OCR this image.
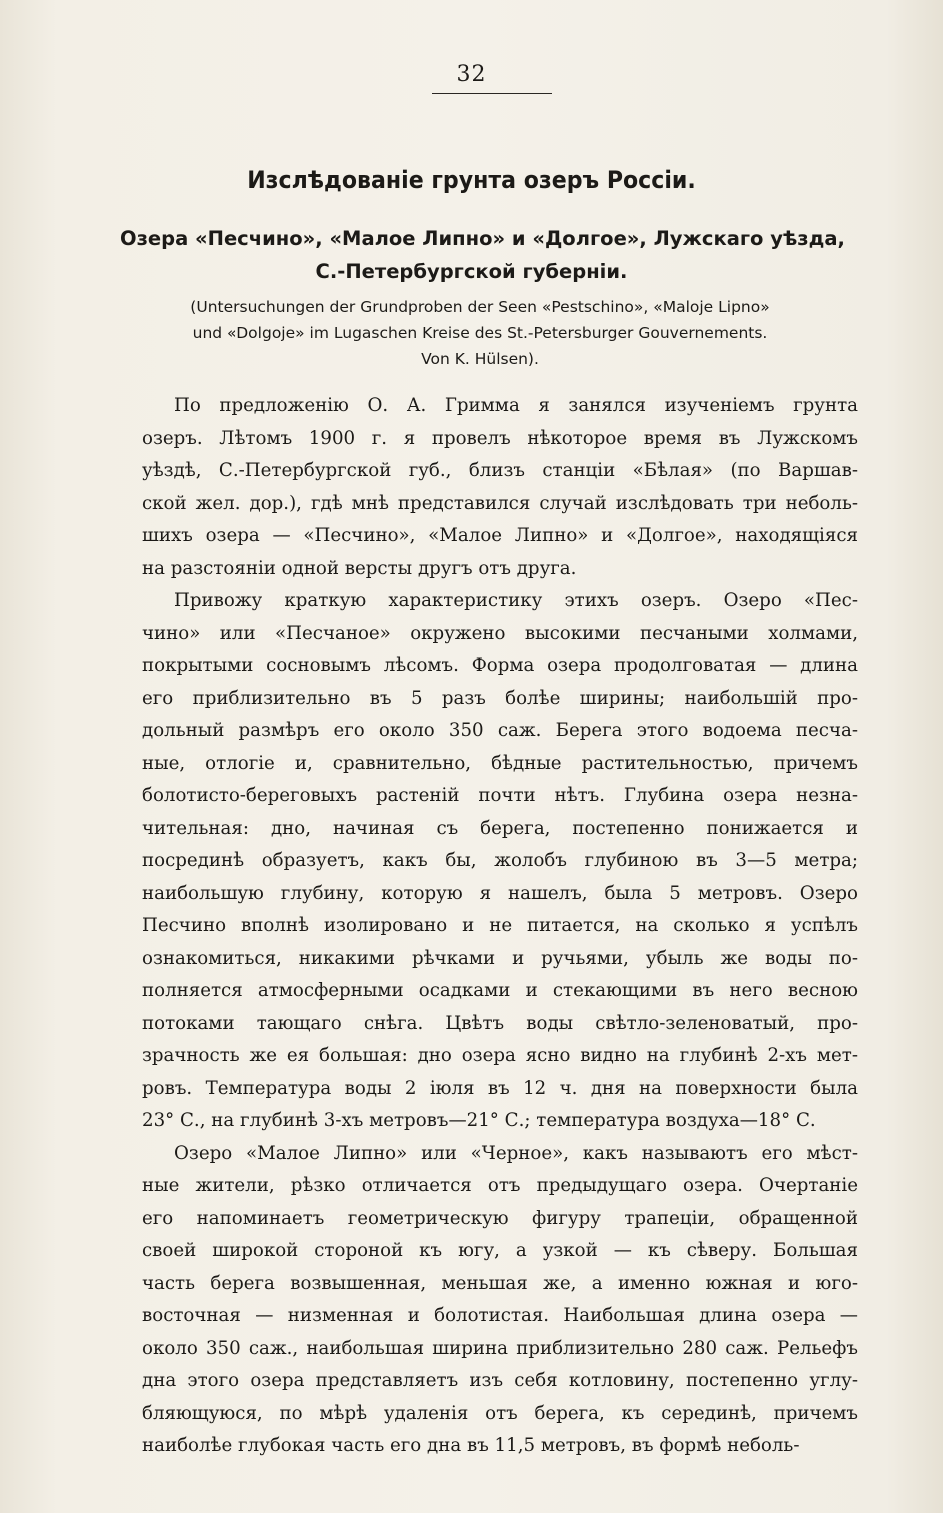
32
Изслѣдованіе грунта озеръ Россіи.
Озера «Песчино», «Малое Липно» и «Долгое», Лужскаго уѣзда,
С.-Петербургской губерніи.
(Untersuchungen der Grundproben der Seen «Pestschino», «Maloje Lipno»
und «Dolgoje» im Lugaschen Kreise des St.-Petersburger Gouvernements.
Von K. Hülsen).
По предложенію О. А. Гримма я занялся изученіемъ грунта
озеръ. Лѣтомъ 1900 г. я провелъ нѣкоторое время въ Лужскомъ
уѣздѣ, С.-Петербургской губ., близъ станціи «Бѣлая» (по Варшав-
ской жел. дор.), гдѣ мнѣ представился случай изслѣдовать три неболь-
шихъ озера — «Песчино», «Малое Липно» и «Долгое», находящіяся
на разстояніи одной версты другъ отъ друга.
Привожу краткую характеристику этихъ озеръ. Озеро «Пес-
чино» или «Песчаное» окружено высокими песчаными холмами,
покрытыми сосновымъ лѣсомъ. Форма озера продолговатая — длина
его приблизительно въ 5 разъ болѣе ширины; наибольшій про-
дольный размѣръ его около 350 саж. Берега этого водоема песча-
ные, отлогіе и, сравнительно, бѣдные растительностью, причемъ
болотисто-береговыхъ растеній почти нѣтъ. Глубина озера незна-
чительная: дно, начиная съ берега, постепенно понижается и
посрединѣ образуетъ, какъ бы, жолобъ глубиною въ 3—5 метра;
наибольшую глубину, которую я нашелъ, была 5 метровъ. Озеро
Песчино вполнѣ изолировано и не питается, на сколько я успѣлъ
ознакомиться, никакими рѣчками и ручьями, убыль же воды по-
полняется атмосферными осадками и стекающими въ него весною
потоками тающаго снѣга. Цвѣтъ воды свѣтло-зеленоватый, про-
зрачность же ея большая: дно озера ясно видно на глубинѣ 2-хъ мет-
ровъ. Температура воды 2 іюля въ 12 ч. дня на поверхности была
23° С., на глубинѣ 3-хъ метровъ—21° С.; температура воздуха—18° С.
Озеро «Малое Липно» или «Черное», какъ называютъ его мѣст-
ные жители, рѣзко отличается отъ предыдущаго озера. Очертаніе
его напоминаетъ геометрическую фигуру трапеціи, обращенной
своей широкой стороной къ югу, а узкой — къ сѣверу. Большая
часть берега возвышенная, меньшая же, а именно южная и юго-
восточная — низменная и болотистая. Наибольшая длина озера —
около 350 саж., наибольшая ширина приблизительно 280 саж. Рельефъ
дна этого озера представляетъ изъ себя котловину, постепенно углу-
бляющуюся, по мѣрѣ удаленія отъ берега, къ серединѣ, причемъ
наиболѣе глубокая часть его дна въ 11,5 метровъ, въ формѣ неболь-
